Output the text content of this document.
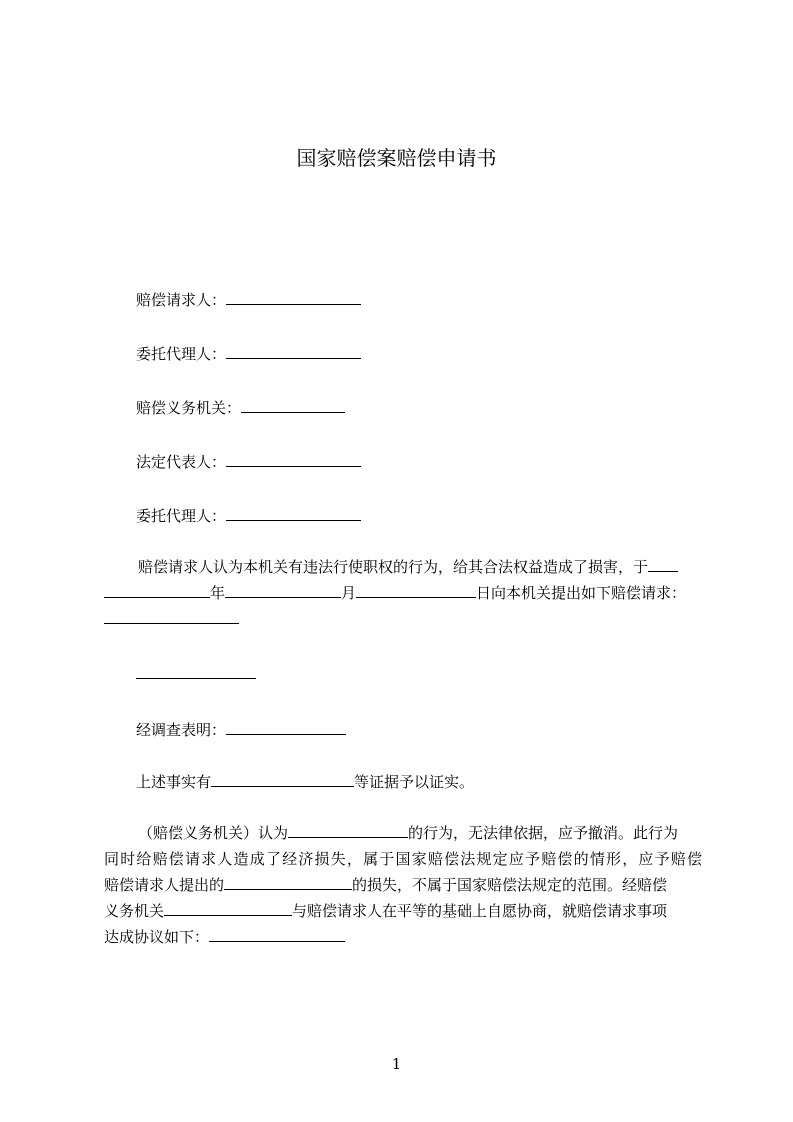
国家赔偿案赔偿申请书
赔偿请求人：
委托代理人：
赔偿义务机关：
法定代表人：
委托代理人：
赔偿请求人认为本机关有违法行使职权的行为，给其合法权益造成了损害，于
年	月	日向本机关提出如下赔偿请求：
经调查表明：
上述事实有	等证据予以证实。
（赔偿义务机关）认为	的行为，无法律依据，应予撤消。此行为
同时给赔偿请求人造成了经济损失，属于国家赔偿法规定应予赔偿的情形，应予赔偿
赔偿请求人提出的	的损失，不属于国家赔偿法规定的范围。经赔偿
义务机关	与赔偿请求人在平等的基础上自愿协商，就赔偿请求事项
达成协议如下：
1
